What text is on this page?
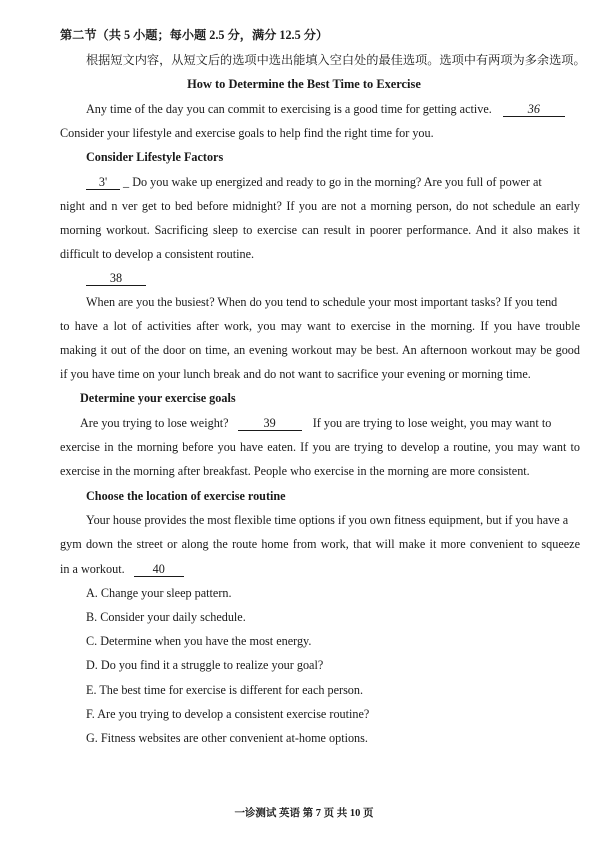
第二节（共 5 小题；每小题 2.5 分，满分 12.5 分）
根据短文内容，从短文后的选项中选出能填入空白处的最佳选项。选项中有两项为多余选项。
How to Determine the Best Time to Exercise
Any time of the day you can commit to exercising is a good time for getting active.	36
Consider your lifestyle and exercise goals to help find the right time for you.
Consider Lifestyle Factors
3' _ Do you wake up energized and ready to go in the morning? Are you full of power at
night and n ver get to bed before midnight? If you are not a morning person, do not schedule an early
morning workout. Sacrificing sleep to exercise can result in poorer performance. And it also makes it
difficult to develop a consistent routine.
38
When are you the busiest? When do you tend to schedule your most important tasks? If you tend
to have a lot of activities after work, you may want to exercise in the morning. If you have trouble
making it out of the door on time, an evening workout may be best. An afternoon workout may be good
if you have time on your lunch break and do not want to sacrifice your evening or morning time.
Determine your exercise goals
Are you trying to lose weight?	39	If you are trying to lose weight, you may want to
exercise in the morning before you have eaten. If you are trying to develop a routine, you may want to
exercise in the morning after breakfast. People who exercise in the morning are more consistent.
Choose the location of exercise routine
Your house provides the most flexible time options if you own fitness equipment, but if you have a
gym down the street or along the route home from work, that will make it more convenient to squeeze
in a workout. 40
A. Change your sleep pattern.
B. Consider your daily schedule.
C. Determine when you have the most energy.
D. Do you find it a struggle to realize your goal?
E. The best time for exercise is different for each person.
F. Are you trying to develop a consistent exercise routine?
G. Fitness websites are other convenient at-home options.
一诊测试 英语 第 7 页 共 10 页
